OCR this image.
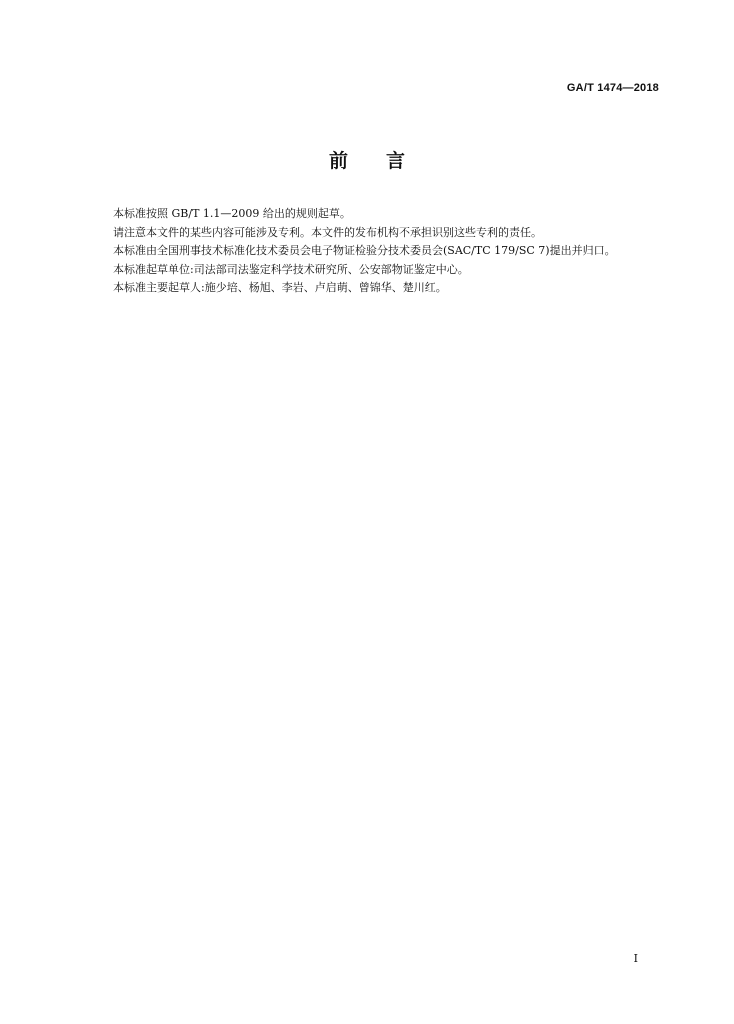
GA/T 1474—2018
前 言

本标准按照 GB/T 1.1—2009 给出的规则起草。

请注意本文件的某些内容可能涉及专利。本文件的发布机构不承担识别这些专利的责任。

本标准由全国刑事技术标准化技术委员会电子物证检验分技术委员会(SAC/TC 179/SC 7)提出并归口。

本标准起草单位:司法部司法鉴定科学技术研究所、公安部物证鉴定中心。

本标准主要起草人:施少培、杨旭、李岩、卢启萌、曾锦华、楚川红。

I
